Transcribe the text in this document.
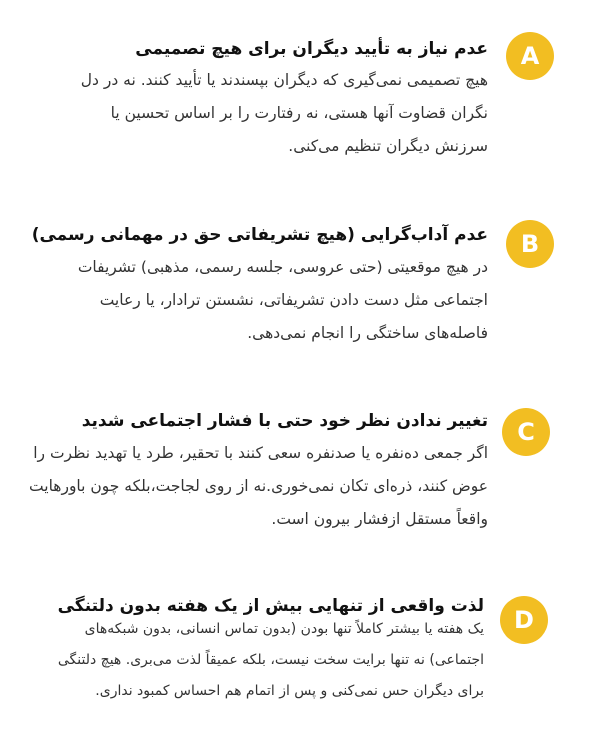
A
عدم نیاز به تأیید دیگران برای هیچ تصمیمی
هیچ تصمیمی نمی‌گیری که دیگران بپسندند یا تأیید کنند. نه در دل نگران قضاوت آنها هستی، نه رفتارت را بر اساس تحسین یا سرزنش دیگران تنظیم می‌کنی.
B
عدم آداب‌گرایی (هیچ تشریفاتی حق در مهمانی رسمی)
در هیچ موقعیتی (حتی عروسی، جلسه رسمی، مذهبی) تشریفات اجتماعی مثل دست دادن تشریفاتی، نشستن ترادار، یا رعایت فاصله‌های ساختگی را انجام نمی‌دهی.
C
تغییر ندادن نظر خود حتی با فشار اجتماعی شدید
اگر جمعی ده‌نفره یا صدنفره سعی کنند با تحقیر، طرد یا تهدید نظرت را عوض کنند، ذره‌ای تکان نمی‌خوری.نه از روی لجاجت،بلکه چون باورهایت واقعاً مستقل ازفشار بیرون است.
D
لذت واقعی از تنهایی بیش از یک هفته بدون دلتنگی
یک هفته یا بیشتر کاملاً تنها بودن (بدون تماس انسانی، بدون شبکه‌های اجتماعی) نه تنها برایت سخت نیست، بلکه عمیقاً لذت می‌بری. هیچ دلتنگی برای دیگران حس نمی‌کنی و پس از اتمام هم احساس کمبود نداری.
